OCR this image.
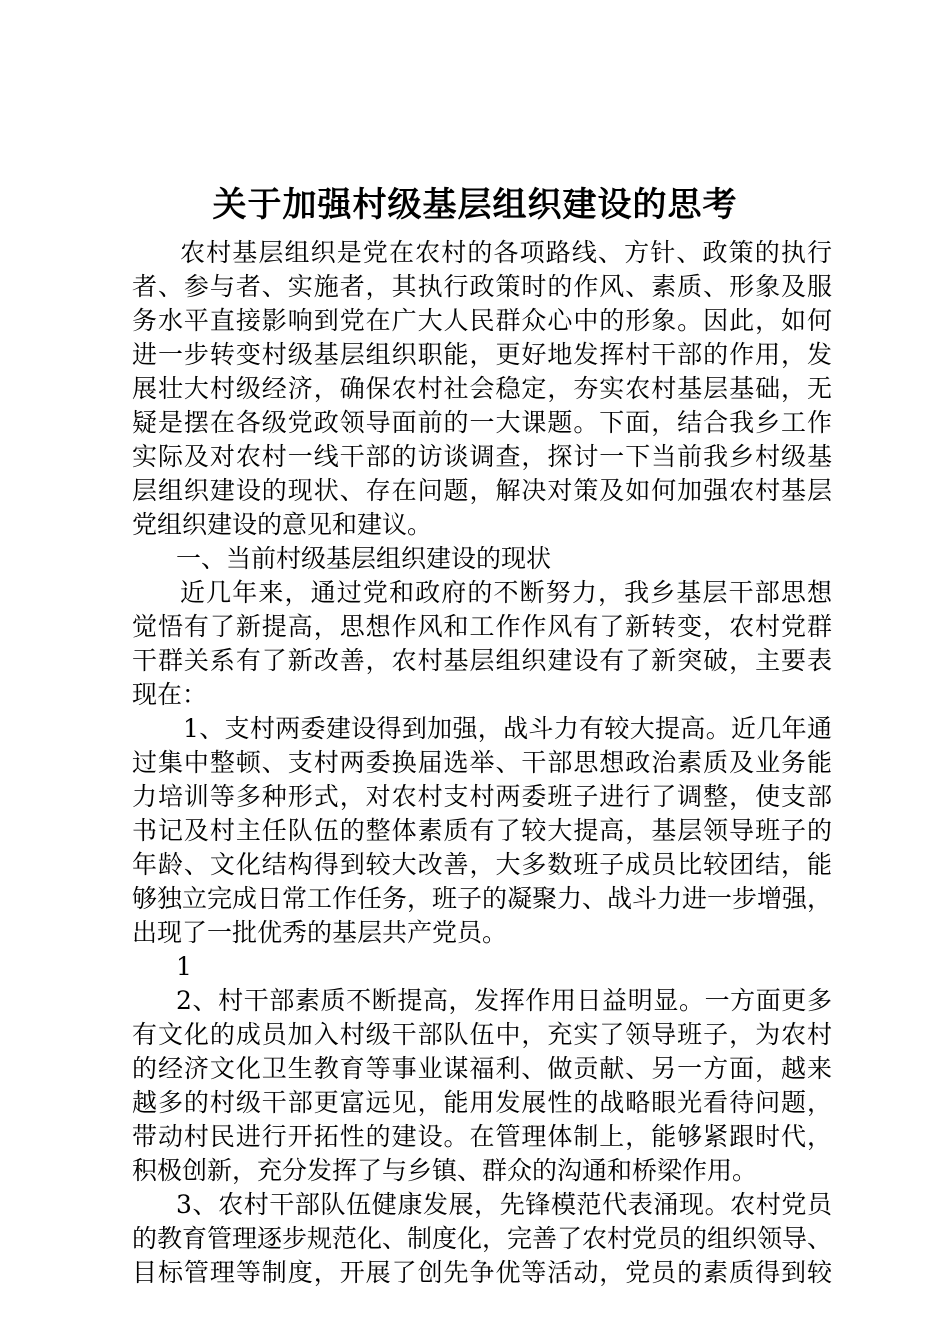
关于加强村级基层组织建设的思考
农村基层组织是党在农村的各项路线、方针、政策的执行
者、参与者、实施者，其执行政策时的作风、素质、形象及服
务水平直接影响到党在广大人民群众心中的形象。因此，如何
进一步转变村级基层组织职能，更好地发挥村干部的作用，发
展壮大村级经济，确保农村社会稳定，夯实农村基层基础，无
疑是摆在各级党政领导面前的一大课题。下面，结合我乡工作
实际及对农村一线干部的访谈调查，探讨一下当前我乡村级基
层组织建设的现状、存在问题，解决对策及如何加强农村基层
党组织建设的意见和建议。
一、当前村级基层组织建设的现状
近几年来，通过党和政府的不断努力，我乡基层干部思想
觉悟有了新提高，思想作风和工作作风有了新转变，农村党群
干群关系有了新改善，农村基层组织建设有了新突破，主要表
现在：
1、支村两委建设得到加强，战斗力有较大提高。近几年通
过集中整顿、支村两委换届选举、干部思想政治素质及业务能
力培训等多种形式，对农村支村两委班子进行了调整，使支部
书记及村主任队伍的整体素质有了较大提高，基层领导班子的
年龄、文化结构得到较大改善，大多数班子成员比较团结，能
够独立完成日常工作任务，班子的凝聚力、战斗力进一步增强，
出现了一批优秀的基层共产党员。
1
2、村干部素质不断提高，发挥作用日益明显。一方面更多
有文化的成员加入村级干部队伍中，充实了领导班子，为农村
的经济文化卫生教育等事业谋福利、做贡献、另一方面，越来
越多的村级干部更富远见，能用发展性的战略眼光看待问题，
带动村民进行开拓性的建设。在管理体制上，能够紧跟时代，
积极创新，充分发挥了与乡镇、群众的沟通和桥梁作用。
3、农村干部队伍健康发展，先锋模范代表涌现。农村党员
的教育管理逐步规范化、制度化，完善了农村党员的组织领导、
目标管理等制度，开展了创先争优等活动，党员的素质得到较
